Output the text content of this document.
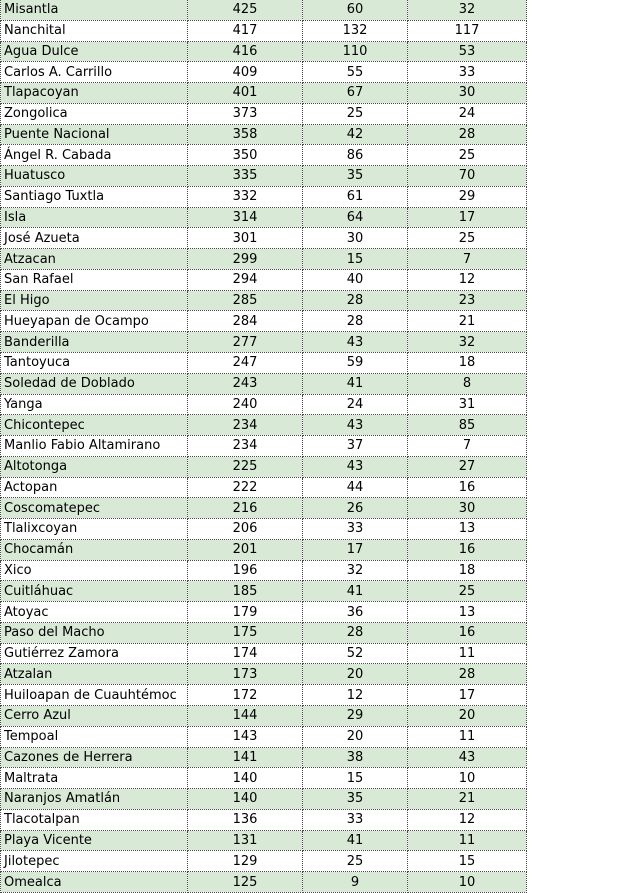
Misantla	425	60	32
Nanchital	417	132	117
Agua Dulce	416	110	53
Carlos A. Carrillo	409	55	33
Tlapacoyan	401	67	30
Zongolica	373	25	24
Puente Nacional	358	42	28
Ángel R. Cabada	350	86	25
Huatusco	335	35	70
Santiago Tuxtla	332	61	29
Isla	314	64	17
José Azueta	301	30	25
Atzacan	299	15	7
San Rafael	294	40	12
El Higo	285	28	23
Hueyapan de Ocampo	284	28	21
Banderilla	277	43	32
Tantoyuca	247	59	18
Soledad de Doblado	243	41	8
Yanga	240	24	31
Chicontepec	234	43	85
Manlio Fabio Altamirano	234	37	7
Altotonga	225	43	27
Actopan	222	44	16
Coscomatepec	216	26	30
Tlalixcoyan	206	33	13
Chocamán	201	17	16
Xico	196	32	18
Cuitláhuac	185	41	25
Atoyac	179	36	13
Paso del Macho	175	28	16
Gutiérrez Zamora	174	52	11
Atzalan	173	20	28
Huiloapan de Cuauhtémoc	172	12	17
Cerro Azul	144	29	20
Tempoal	143	20	11
Cazones de Herrera	141	38	43
Maltrata	140	15	10
Naranjos Amatlán	140	35	21
Tlacotalpan	136	33	12
Playa Vicente	131	41	11
Jilotepec	129	25	15
Omealca	125	9	10
